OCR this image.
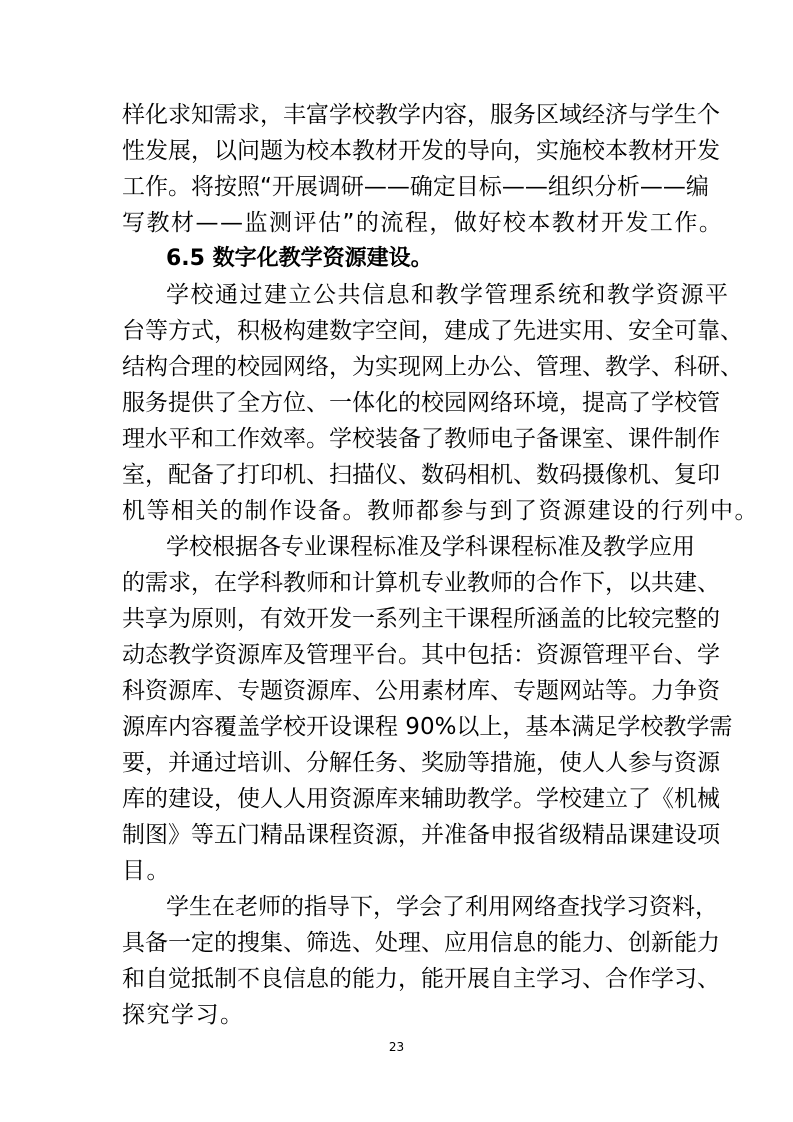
样化求知需求，丰富学校教学内容，服务区域经济与学生个
性发展，以问题为校本教材开发的导向，实施校本教材开发
工作。将按照“开展调研——确定目标——组织分析——编
写教材——监测评估”的流程，做好校本教材开发工作。
6.5 数字化教学资源建设。
学校通过建立公共信息和教学管理系统和教学资源平
台等方式，积极构建数字空间，建成了先进实用、安全可靠、
结构合理的校园网络，为实现网上办公、管理、教学、科研、
服务提供了全方位、一体化的校园网络环境，提高了学校管
理水平和工作效率。学校装备了教师电子备课室、课件制作
室，配备了打印机、扫描仪、数码相机、数码摄像机、复印
机等相关的制作设备。教师都参与到了资源建设的行列中。
学校根据各专业课程标准及学科课程标准及教学应用
的需求，在学科教师和计算机专业教师的合作下，以共建、
共享为原则，有效开发一系列主干课程所涵盖的比较完整的
动态教学资源库及管理平台。其中包括：资源管理平台、学
科资源库、专题资源库、公用素材库、专题网站等。力争资
源库内容覆盖学校开设课程 90%以上，基本满足学校教学需
要，并通过培训、分解任务、奖励等措施，使人人参与资源
库的建设，使人人用资源库来辅助教学。学校建立了《机械
制图》等五门精品课程资源，并准备申报省级精品课建设项
目。
学生在老师的指导下，学会了利用网络查找学习资料，
具备一定的搜集、筛选、处理、应用信息的能力、创新能力
和自觉抵制不良信息的能力，能开展自主学习、合作学习、
探究学习。
23
